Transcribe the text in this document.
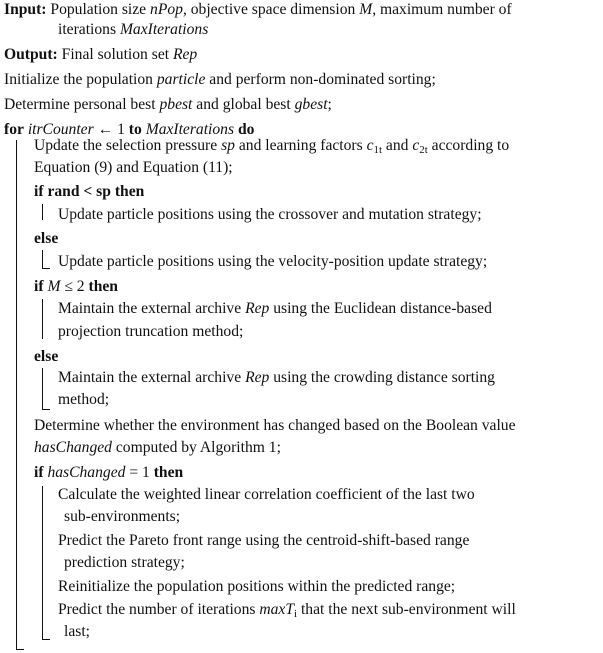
Input: Population size nPop, objective space dimension M, maximum number of
iterations MaxIterations
Output: Final solution set Rep
Initialize the population particle and perform non-dominated sorting;
Determine personal best pbest and global best gbest;
for itrCounter ← 1 to MaxIterations do
Update the selection pressure sp and learning factors $c_{1t}$ and $c_{2t}$ according to
Equation (9) and Equation (11);
if rand < sp then
Update particle positions using the crossover and mutation strategy;
else
Update particle positions using the velocity-position update strategy;
if M ≤ 2 then
Maintain the external archive Rep using the Euclidean distance-based
projection truncation method;
else
Maintain the external archive Rep using the crowding distance sorting
method;
Determine whether the environment has changed based on the Boolean value
hasChanged computed by Algorithm 1;
if hasChanged = 1 then
Calculate the weighted linear correlation coefficient of the last two
sub-environments;
Predict the Pareto front range using the centroid-shift-based range
prediction strategy;
Reinitialize the population positions within the predicted range;
Predict the number of iterations maxT$_i$ that the next sub-environment will
last;
